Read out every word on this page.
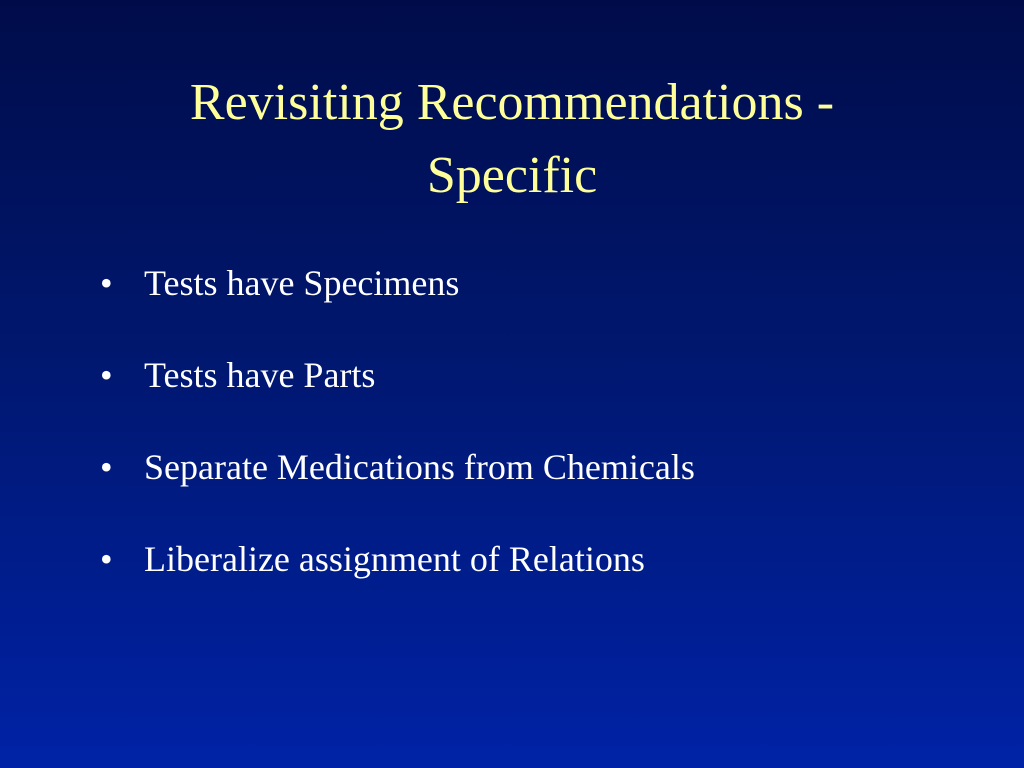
Revisiting Recommendations -
Specific
• Tests have Specimens
• Tests have Parts
• Separate Medications from Chemicals
• Liberalize assignment of Relations
